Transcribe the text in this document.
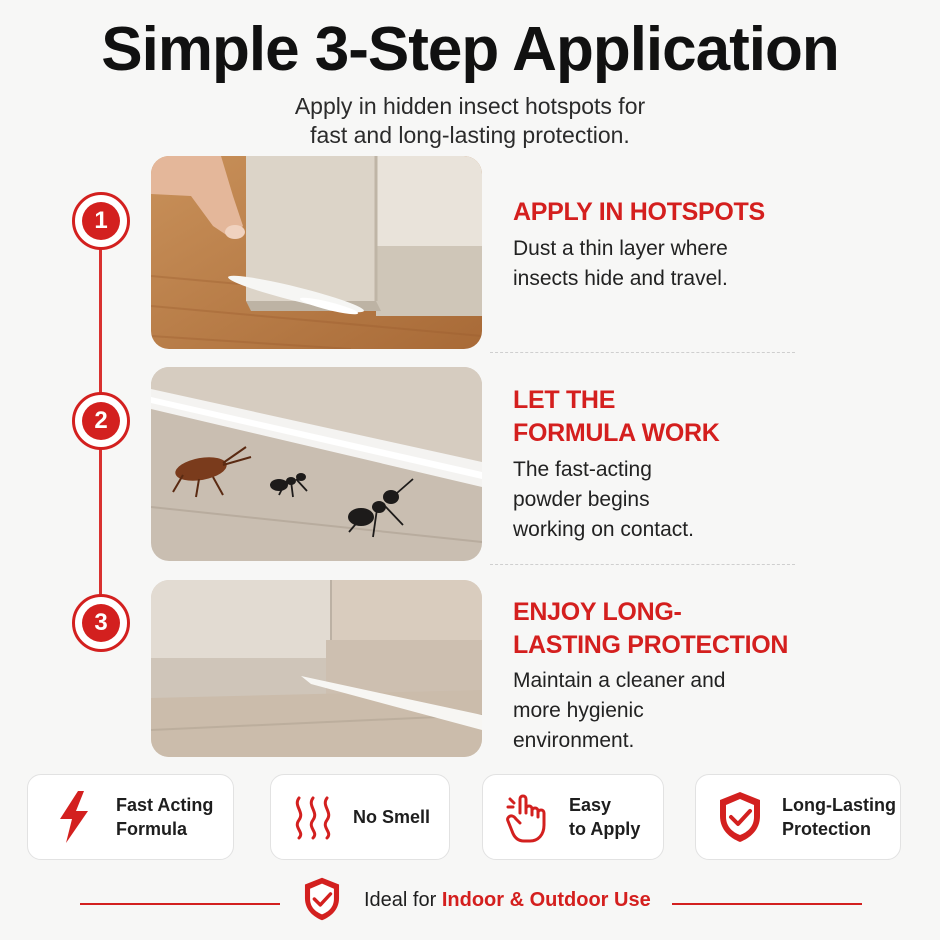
Simple 3-Step Application
Apply in hidden insect hotspots for
fast and long-lasting protection.
1
2
3
APPLY IN HOTSPOTS
Dust a thin layer where
insects hide and travel.
LET THE
FORMULA WORK
The fast-acting
powder begins
working on contact.
ENJOY LONG-
LASTING PROTECTION
Maintain a cleaner and
more hygienic
environment.
Fast Acting
Formula
No Smell
Easy
to Apply
Long-Lasting
Protection
Ideal for Indoor & Outdoor Use
